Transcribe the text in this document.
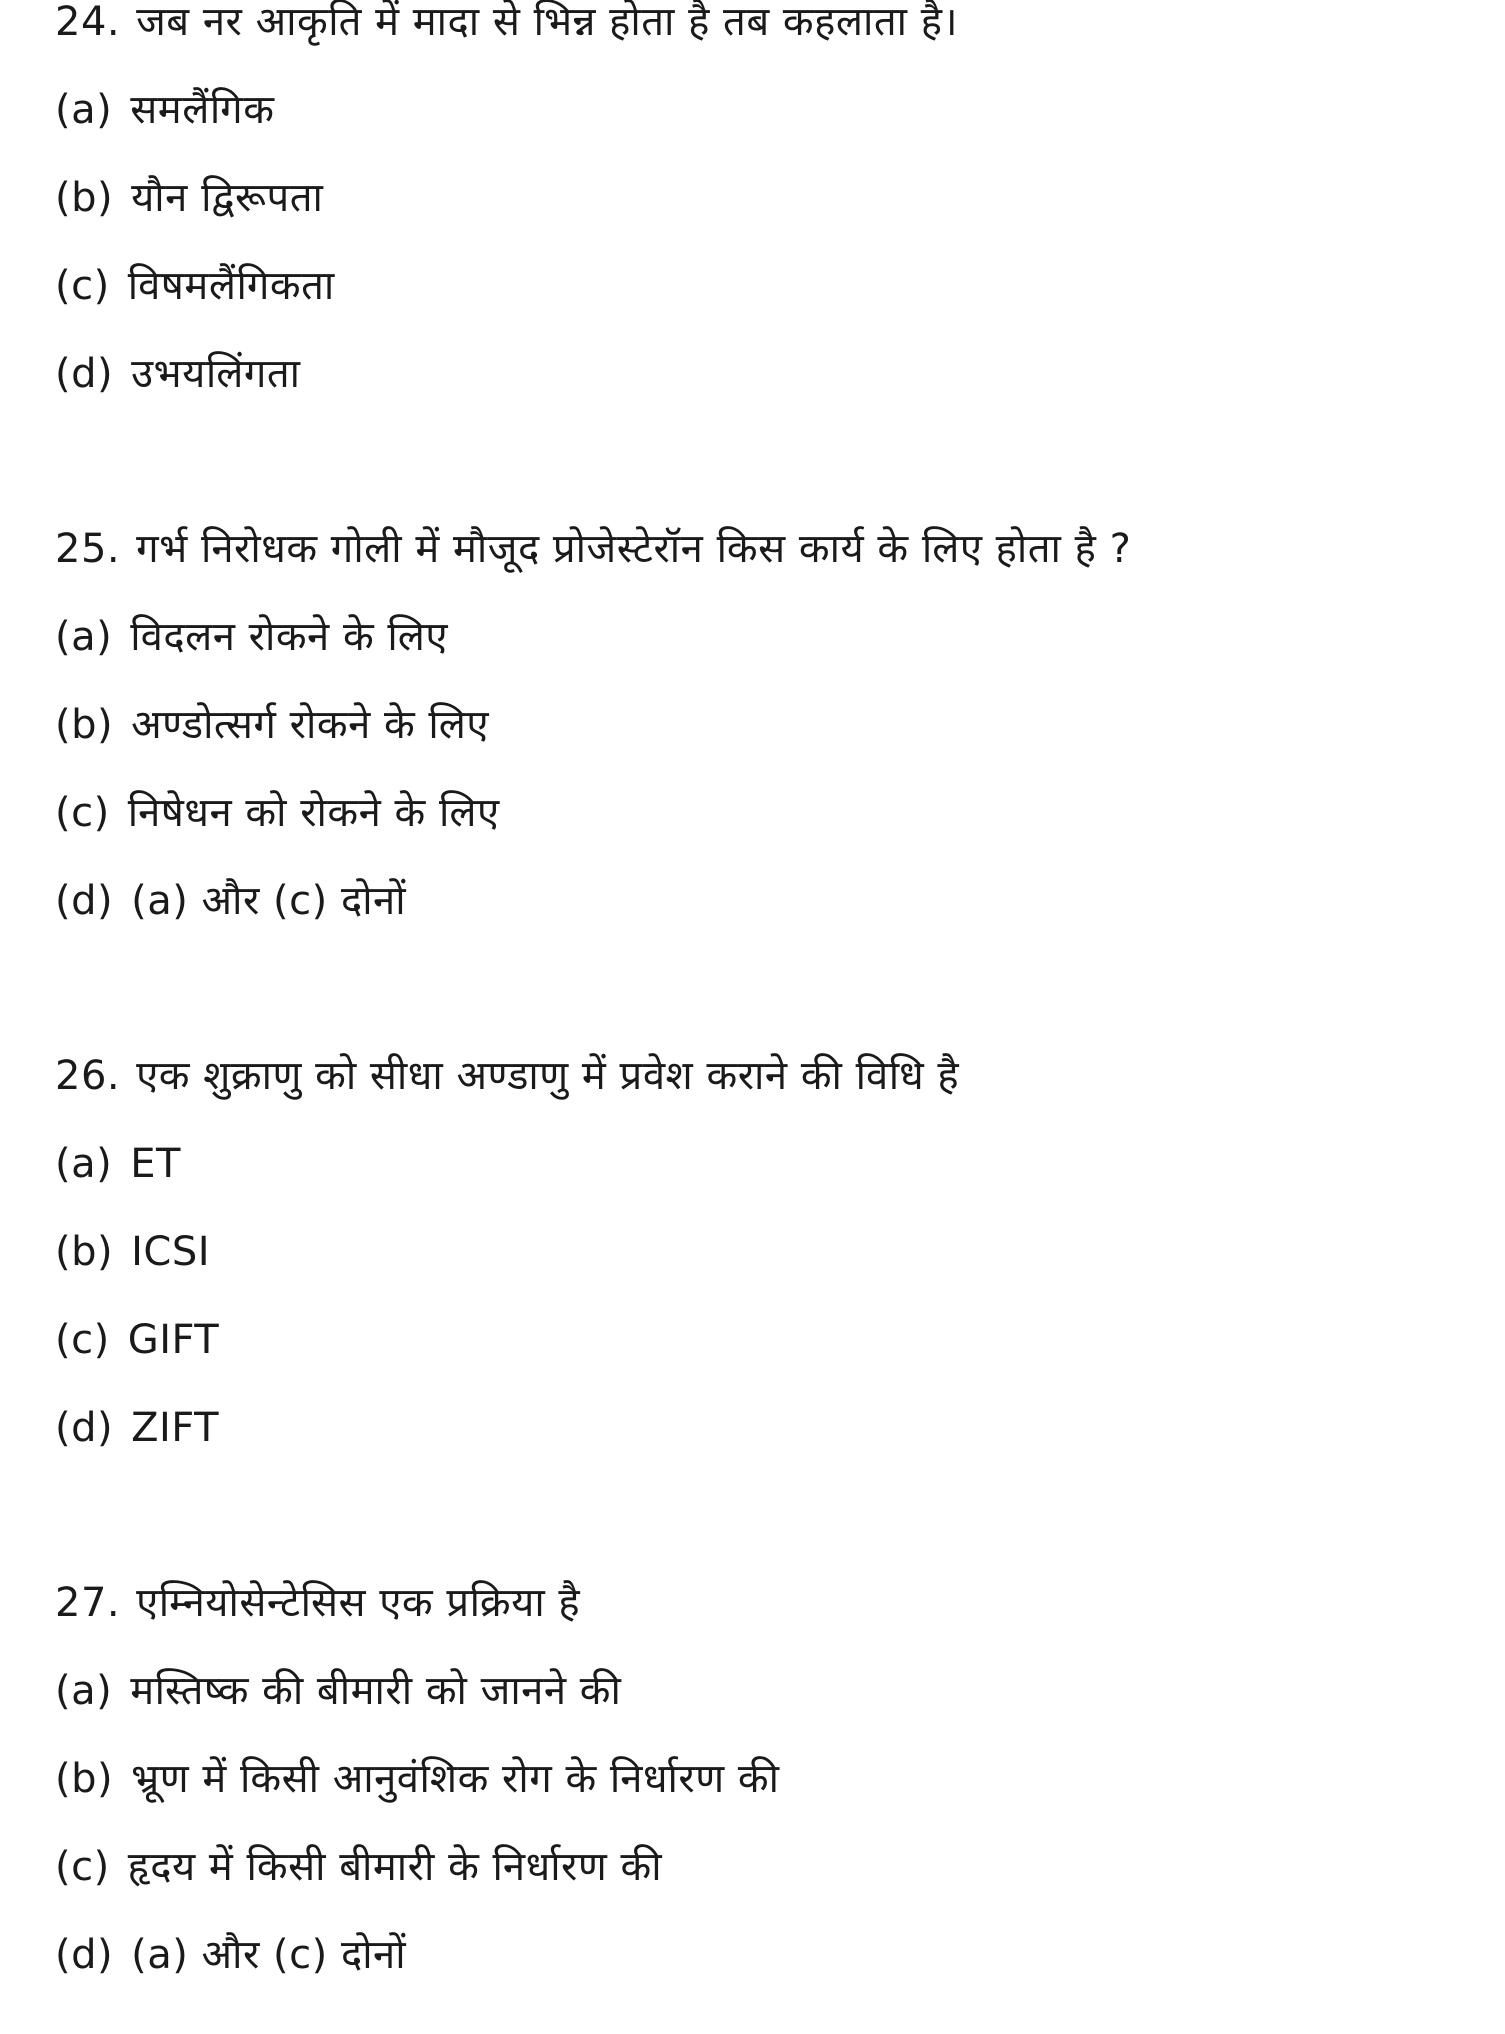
24. जब नर आकृति में मादा से भिन्न होता है तब कहलाता है।
(a) समलैंगिक
(b) यौन द्विरूपता
(c) विषमलैंगिकता
(d) उभयलिंगता
25. गर्भ निरोधक गोली में मौजूद प्रोजेस्टेरॉन किस कार्य के लिए होता है ?
(a) विदलन रोकने के लिए
(b) अण्डोत्सर्ग रोकने के लिए
(c) निषेधन को रोकने के लिए
(d) (a) और (c) दोनों
26. एक शुक्राणु को सीधा अण्डाणु में प्रवेश कराने की विधि है
(a) ET
(b) ICSI
(c) GIFT
(d) ZIFT
27. एम्नियोसेन्टेसिस एक प्रक्रिया है
(a) मस्तिष्क की बीमारी को जानने की
(b) भ्रूण में किसी आनुवंशिक रोग के निर्धारण की
(c) हृदय में किसी बीमारी के निर्धारण की
(d) (a) और (c) दोनों
